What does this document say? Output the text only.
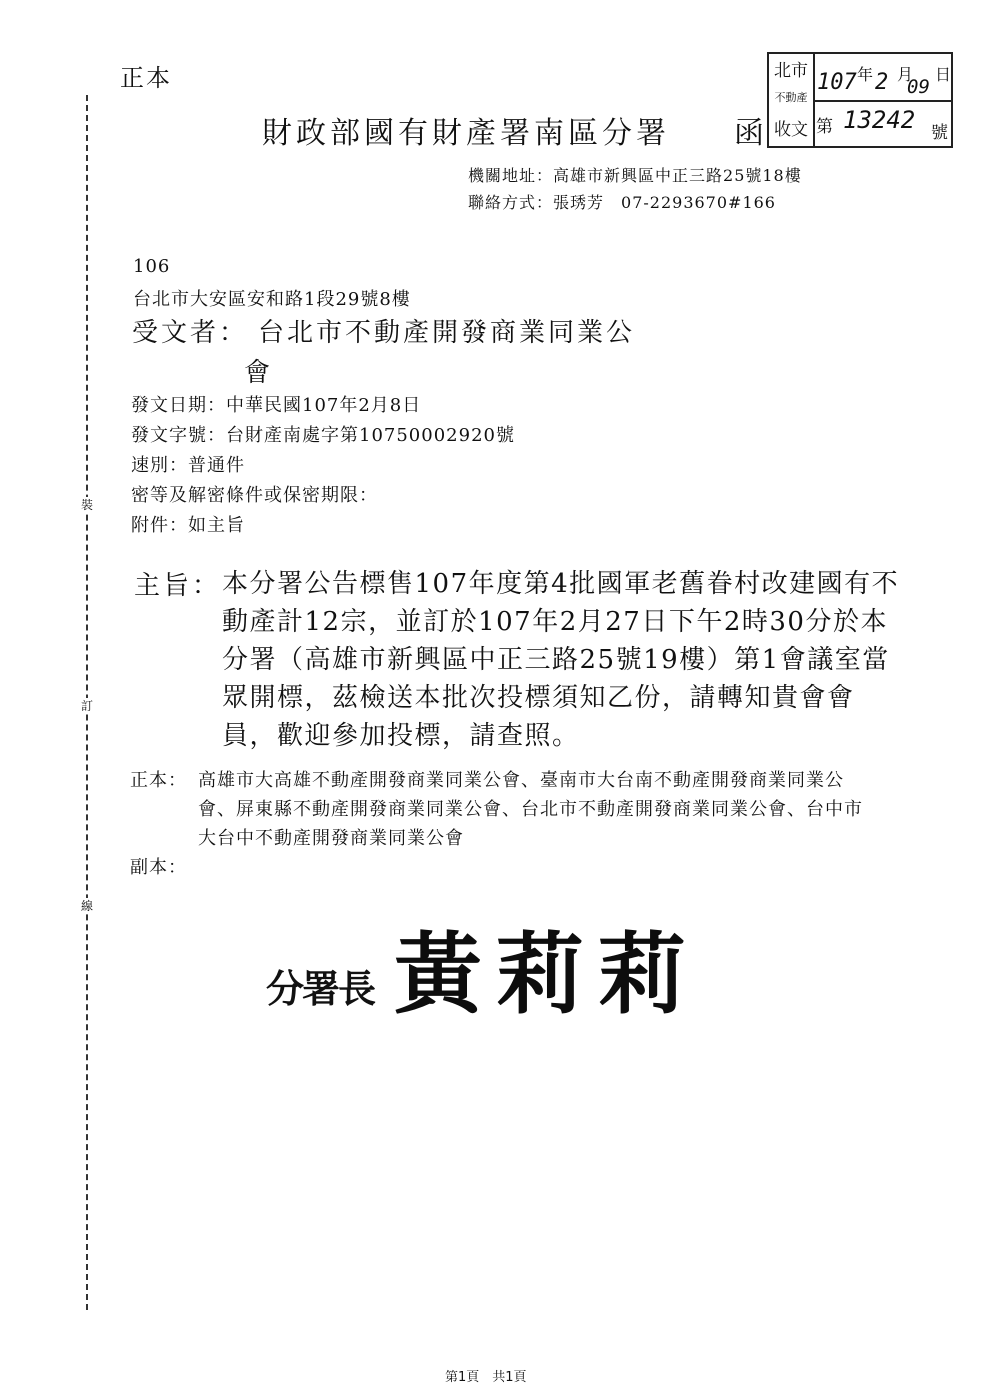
裝
訂
線
正本
財政部國有財產署南區分署 函
北市
不動產
收文
107 年 2 月
09
日
第 13242 號
機關地址：高雄市新興區中正三路25號18樓
聯絡方式：張琇芳　07-2293670#166
106
台北市大安區安和路1段29號8樓
受文者： 台北市不動產開發商業同業公
會
發文日期：中華民國107年2月8日
發文字號：台財產南處字第10750002920號
速別：普通件
密等及解密條件或保密期限：
附件：如主旨
主旨： 本分署公告標售107年度第4批國軍老舊眷村改建國有不動產計12宗，並訂於107年2月27日下午2時30分於本分署（高雄市新興區中正三路25號19樓）第1會議室當眾開標，茲檢送本批次投標須知乙份，請轉知貴會會員，歡迎參加投標，請查照。
正本： 高雄市大高雄不動產開發商業同業公會、臺南市大台南不動產開發商業同業公會、屏東縣不動產開發商業同業公會、台北市不動產開發商業同業公會、台中市大台中不動產開發商業同業公會
副本：
分署長 黃莉莉
第1頁　共1頁
